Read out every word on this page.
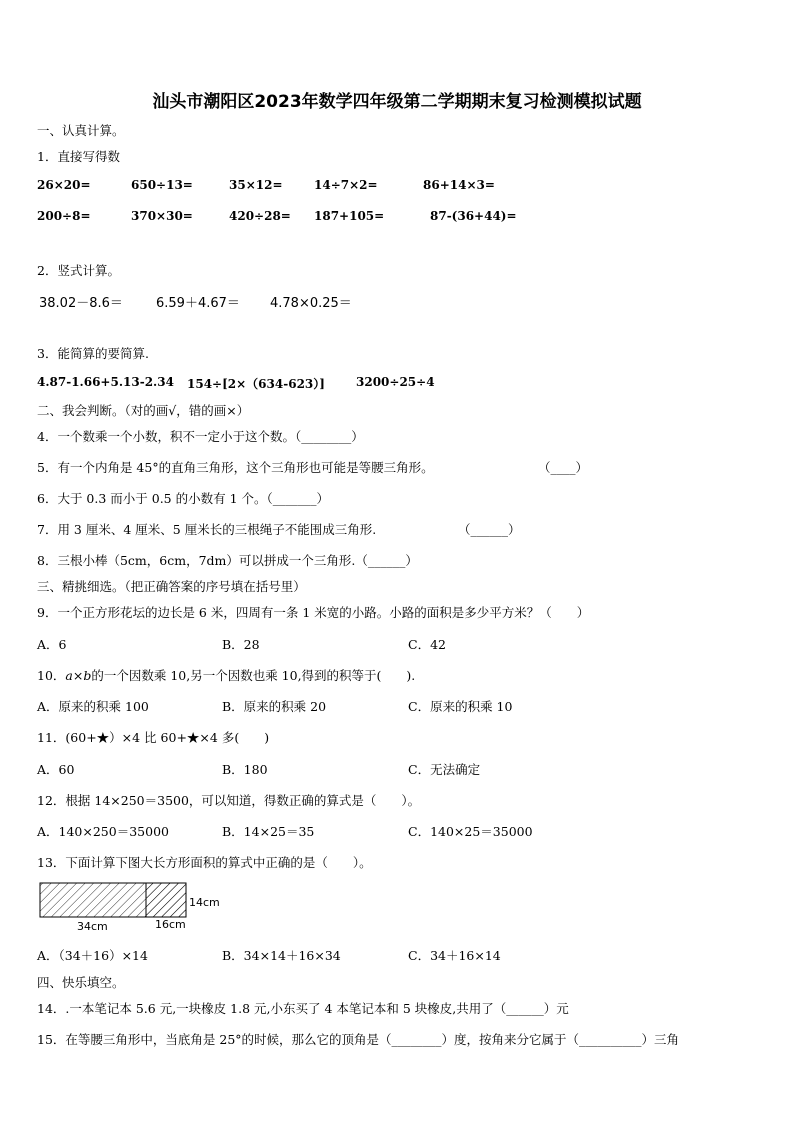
汕头市潮阳区2023年数学四年级第二学期期末复习检测模拟试题
一、认真计算。
1．直接写得数
26×20=	650÷13=	35×12=	14÷7×2=	86+14×3=
200÷8=	370×30=	420÷28= 187+105=	87-(36+44)=
2．竖式计算。
38.02－8.6＝	6.59＋4.67＝ 4.78×0.25＝
3．能简算的要简算.
4.87-1.66+5.13-2.34 154÷[2×（634-623）]	3200÷25÷4
二、我会判断。（对的画√，错的画×）
4．一个数乘一个小数，积不一定小于这个数。（________）
5．有一个内角是 45°的直角三角形，这个三角形也可能是等腰三角形。	（____）
6．大于 0.3 而小于 0.5 的小数有 1 个。（_______）
7．用 3 厘米、4 厘米、5 厘米长的三根绳子不能围成三角形.	（______）
8．三根小棒（5cm，6cm，7dm）可以拼成一个三角形.（______）
三、精挑细选。（把正确答案的序号填在括号里）
9．一个正方形花坛的边长是 6 米，四周有一条 1 米宽的小路。小路的面积是多少平方米？（　　）
A．6	B．28	C．42
10．a×b的一个因数乘 10,另一个因数也乘 10,得到的积等于(　　).
A．原来的积乘 100	B．原来的积乘 20	C．原来的积乘 10
11．(60+★）×4 比 60+★×4 多(　　)
A．60	B．180	C．无法确定
12．根据 14×250＝3500，可以知道，得数正确的算式是（　　）。
A．140×250＝35000	B．14×25＝35	C．140×25＝35000
13．下面计算下图大长方形面积的算式中正确的是（　　）。
34cm	16cm
14cm
A．（34＋16）×14	B．34×14＋16×34	C．34＋16×14
四、快乐填空。
14．.一本笔记本 5.6 元,一块橡皮 1.8 元,小东买了 4 本笔记本和 5 块橡皮,共用了（______）元
15．在等腰三角形中，当底角是 25°的时候，那么它的顶角是（________）度，按角来分它属于（__________）三角
